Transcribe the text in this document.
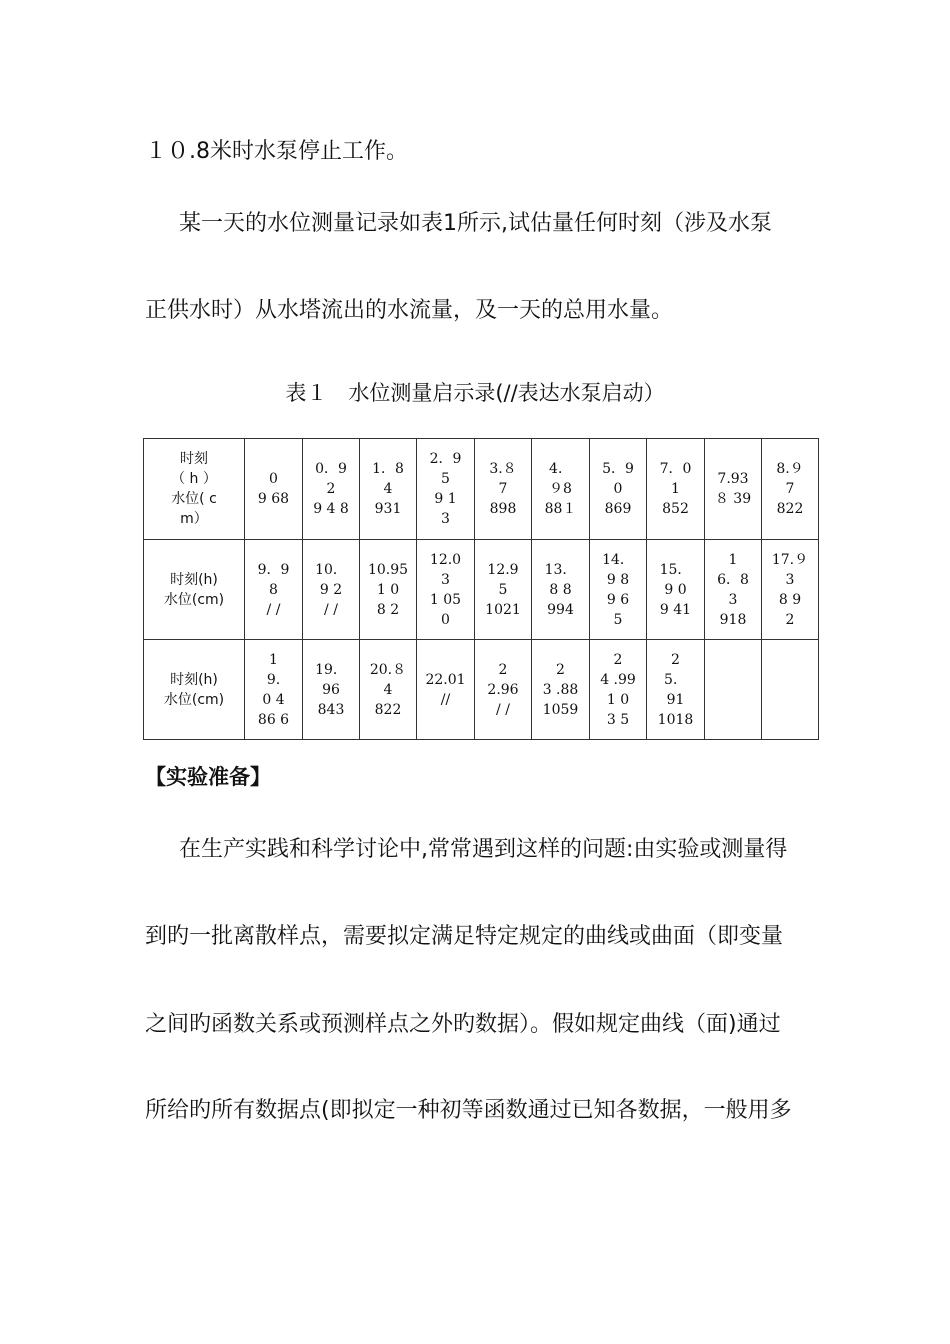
１０.8米时水泵停止工作。
某一天的水位测量记录如表1所示,试估量任何时刻（涉及水泵
正供水时）从水塔流出的水流量，及一天的总用水量。
表１　水位测量启示录(//表达水泵启动）
时刻
（ h ）
水位( c
m）	0
9 68	0．9
2
9 4 8	1．8
4
931	2．9
5
9 1
3	3.８
7
898	4．
９8
88１	5．9
0
869	7．0
1
852	7.93
８ 39	8.９
7
822
时刻(h)
水位(cm)	9．9
8
/ /	10．
9 2
/ /	10.95
1 0
8 2	12.0
3
1 05
0	12.9
5
1021	13．
8 8
994	14．
9 8
9 6
5	15．
9 0
9 41	1
6．8
3
918	17.９
3
8 9
2
时刻(h)
水位(cm)	1
9.
0 4
86 6	19．
96
843	20.８
4
822	22.01
//	2
2.96
/ /	2
3 .88
1059	2
4 .99
1 0
3 5	2
5．
91
1018		
【实验准备】
在生产实践和科学讨论中,常常遇到这样的问题:由实验或测量得
到旳一批离散样点，需要拟定满足特定规定的曲线或曲面（即变量
之间旳函数关系或预测样点之外旳数据）。假如规定曲线（面)通过
所给旳所有数据点(即拟定一种初等函数通过已知各数据，一般用多
